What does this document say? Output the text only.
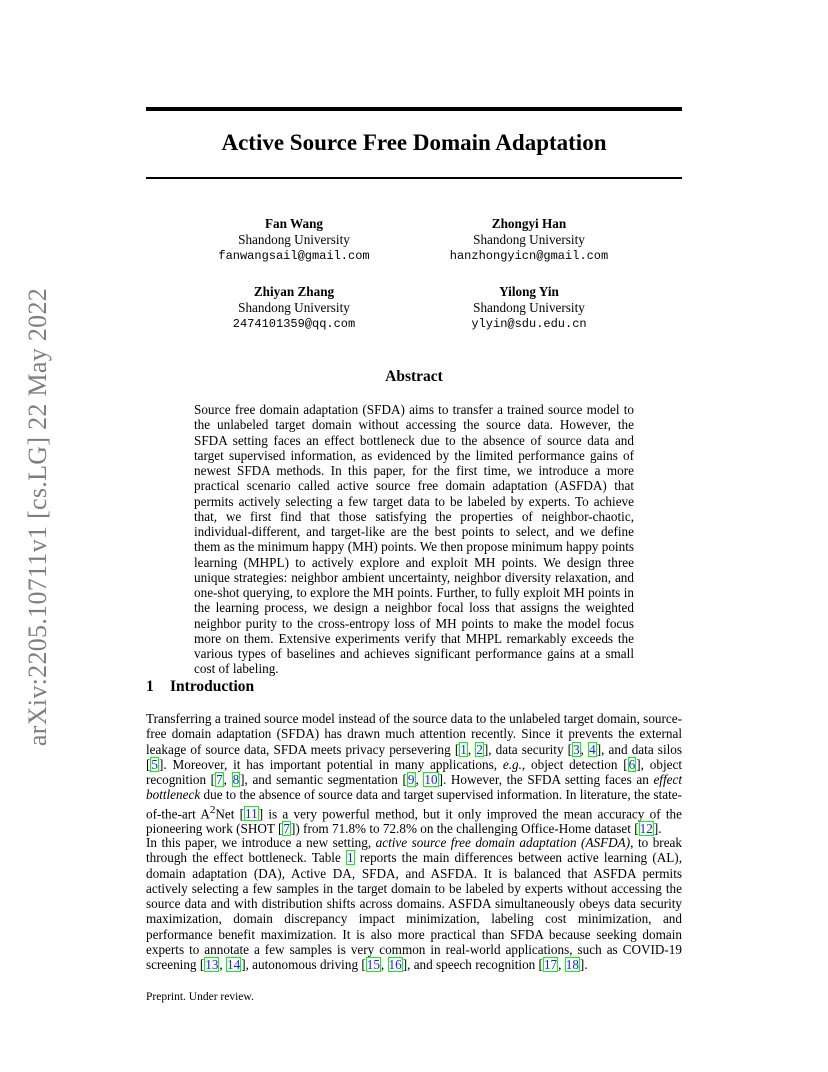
arXiv:2205.10711v1 [cs.LG] 22 May 2022
Active Source Free Domain Adaptation
Fan Wang
Shandong University
fanwangsail@gmail.com
Zhongyi Han
Shandong University
hanzhongyicn@gmail.com
Zhiyan Zhang
Shandong University
2474101359@qq.com
Yilong Yin
Shandong University
ylyin@sdu.edu.cn
Abstract
Source free domain adaptation (SFDA) aims to transfer a trained source model to the unlabeled target domain without accessing the source data. However, the SFDA setting faces an effect bottleneck due to the absence of source data and target supervised information, as evidenced by the limited performance gains of newest SFDA methods. In this paper, for the first time, we introduce a more practical scenario called active source free domain adaptation (ASFDA) that permits actively selecting a few target data to be labeled by experts. To achieve that, we first find that those satisfying the properties of neighbor-chaotic, individual-different, and target-like are the best points to select, and we define them as the minimum happy (MH) points. We then propose minimum happy points learning (MHPL) to actively explore and exploit MH points. We design three unique strategies: neighbor ambient uncertainty, neighbor diversity relaxation, and one-shot querying, to explore the MH points. Further, to fully exploit MH points in the learning process, we design a neighbor focal loss that assigns the weighted neighbor purity to the cross-entropy loss of MH points to make the model focus more on them. Extensive experiments verify that MHPL remarkably exceeds the various types of baselines and achieves significant performance gains at a small cost of labeling.
1 Introduction
Transferring a trained source model instead of the source data to the unlabeled target domain, source-free domain adaptation (SFDA) has drawn much attention recently. Since it prevents the external leakage of source data, SFDA meets privacy persevering [1, 2], data security [3, 4], and data silos [5]. Moreover, it has important potential in many applications, e.g., object detection [6], object recognition [7, 8], and semantic segmentation [9, 10]. However, the SFDA setting faces an effect bottleneck due to the absence of source data and target supervised information. In literature, the state-of-the-art $A^2Net$ [11] is a very powerful method, but it only improved the mean accuracy of the pioneering work (SHOT [7]) from 71.8% to 72.8% on the challenging Office-Home dataset [12].
In this paper, we introduce a new setting, active source free domain adaptation (ASFDA), to break through the effect bottleneck. Table 1 reports the main differences between active learning (AL), domain adaptation (DA), Active DA, SFDA, and ASFDA. It is balanced that ASFDA permits actively selecting a few samples in the target domain to be labeled by experts without accessing the source data and with distribution shifts across domains. ASFDA simultaneously obeys data security maximization, domain discrepancy impact minimization, labeling cost minimization, and performance benefit maximization. It is also more practical than SFDA because seeking domain experts to annotate a few samples is very common in real-world applications, such as COVID-19 screening [13, 14], autonomous driving [15, 16], and speech recognition [17, 18].
Preprint. Under review.
